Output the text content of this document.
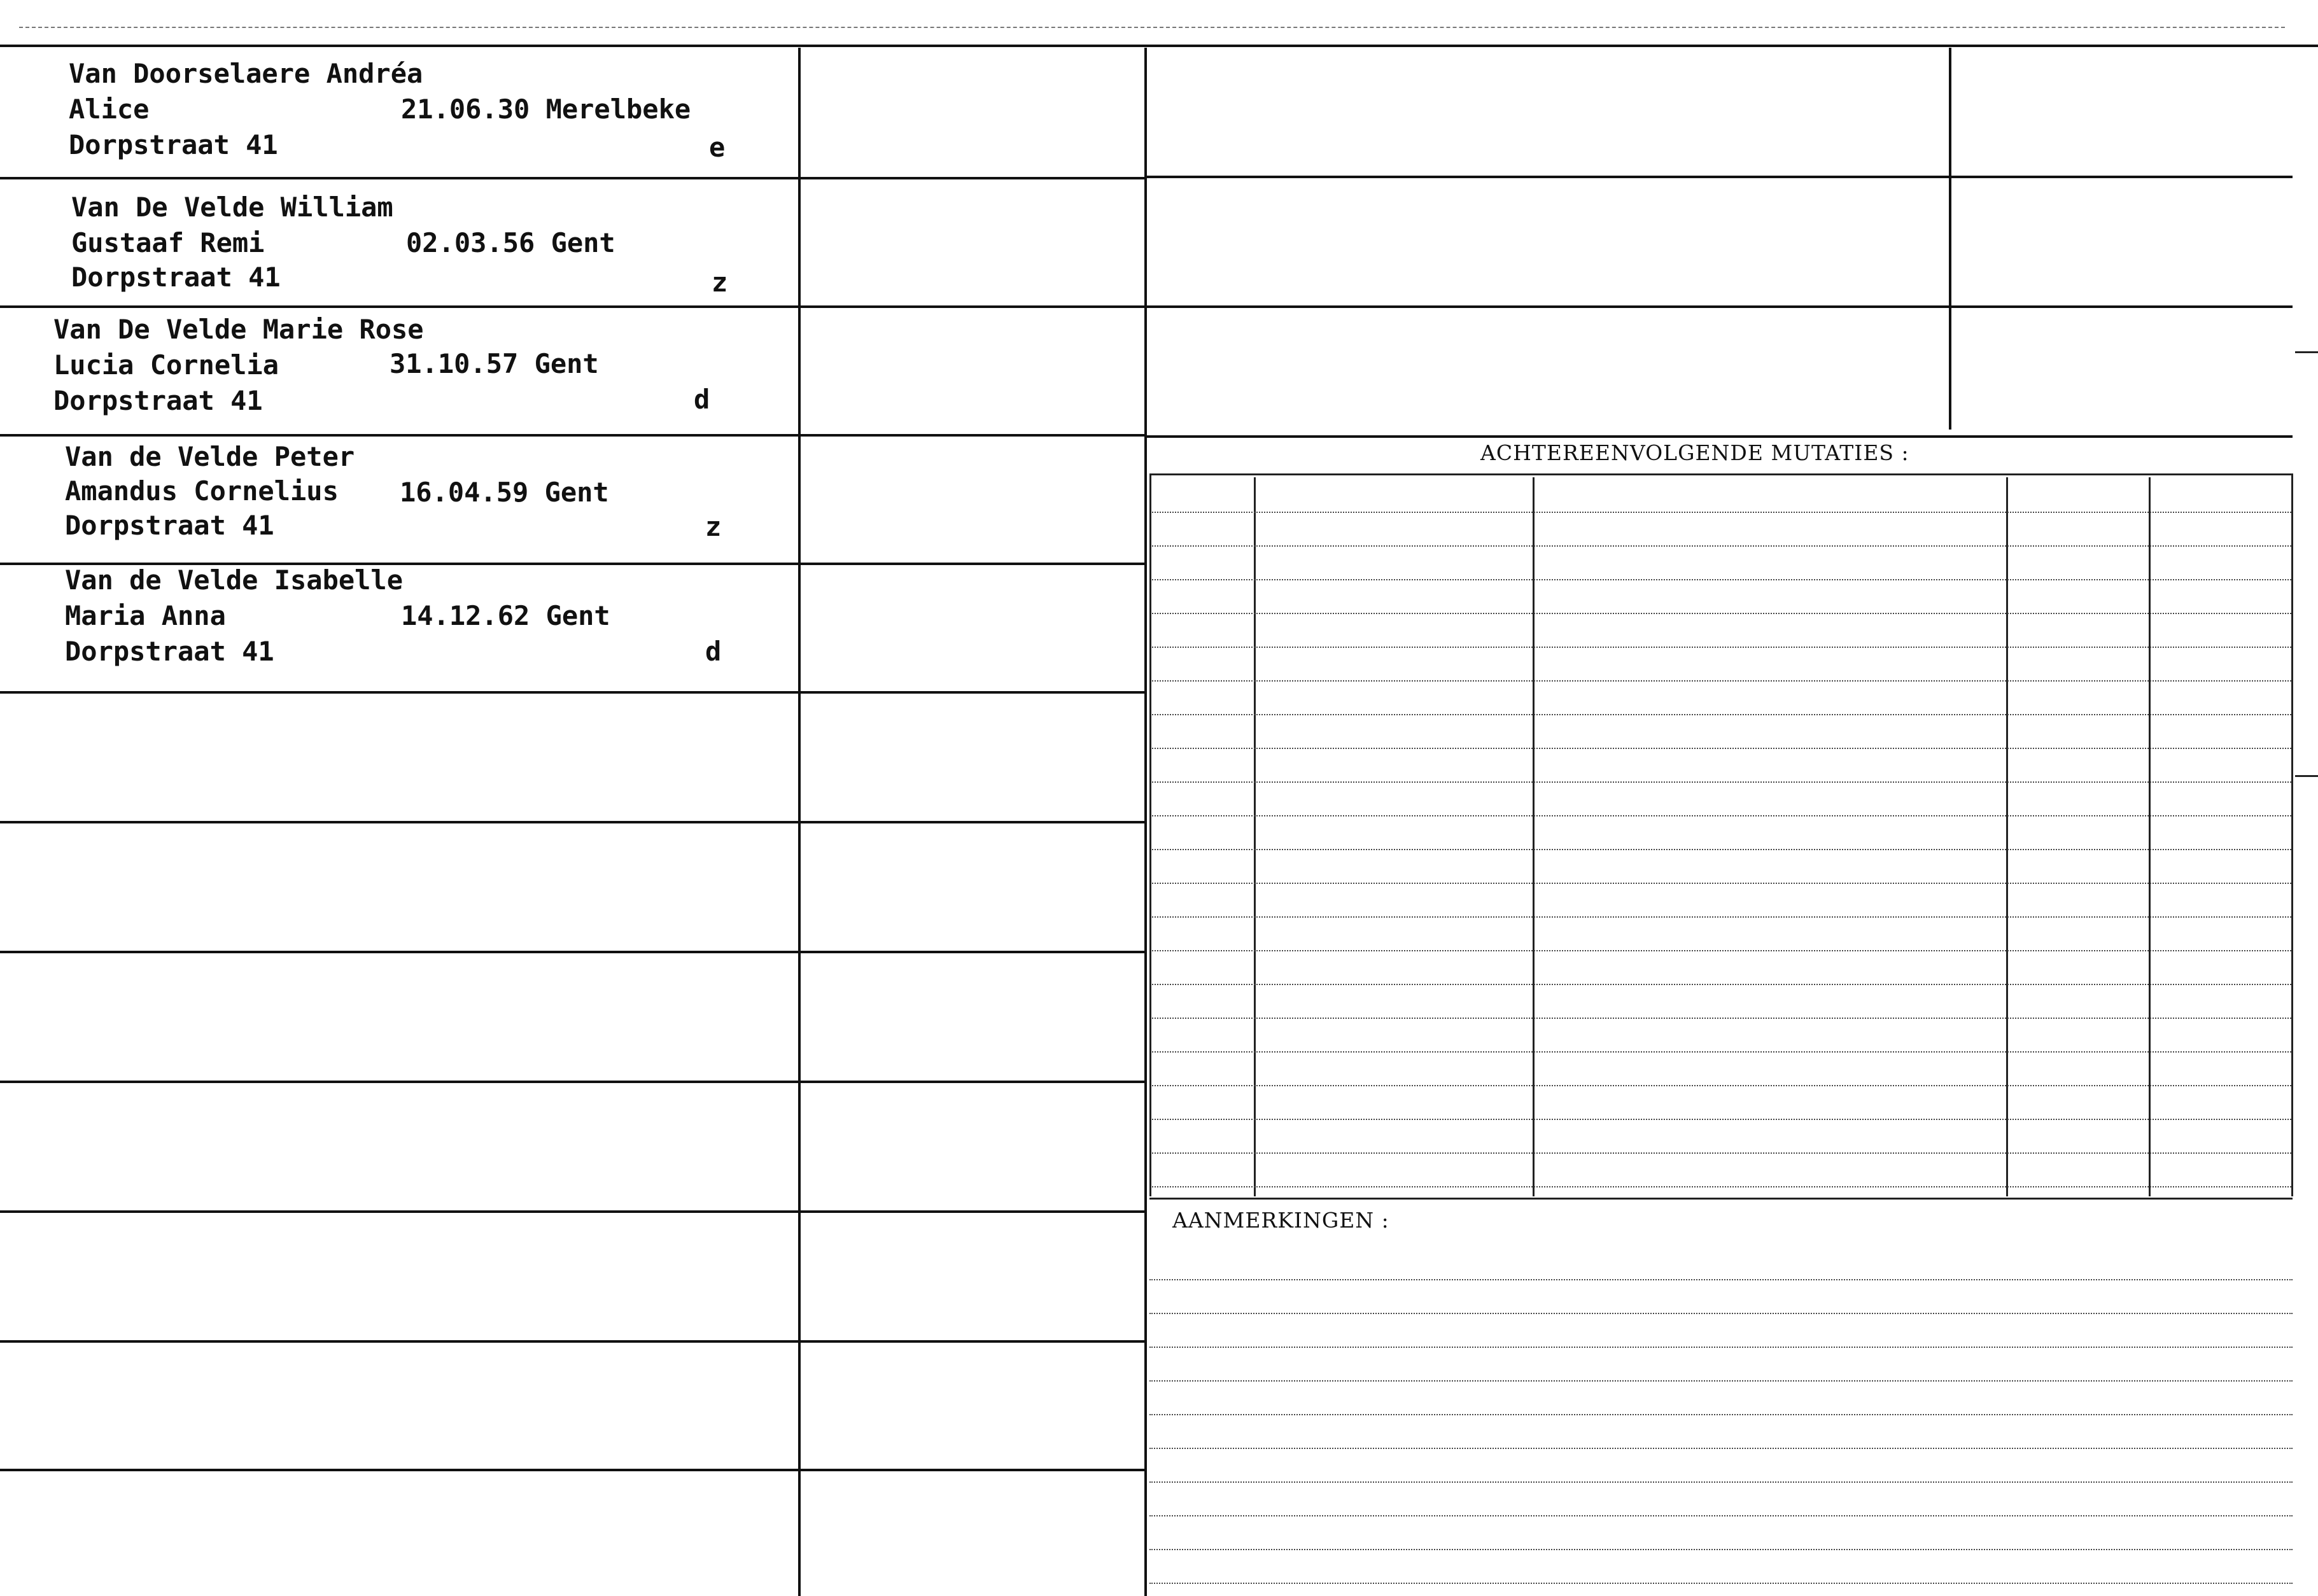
ACHTEREENVOLGENDE MUTATIES :
AANMERKINGEN :

Van Doorselaere Andréa

Alice

	21.06.30 Merelbeke

Dorpstraat 41

	e

Van De Velde William

Gustaaf Remi

	02.03.56 Gent

Dorpstraat 41

	z

Van De Velde Marie Rose

Lucia Cornelia

	31.10.57 Gent

Dorpstraat 41

	d

Van de Velde Peter

Amandus Cornelius

16.04.59 Gent

Dorpstraat 41

	z

Van de Velde Isabelle

Maria Anna

	14.12.62 Gent

Dorpstraat 41

	d
